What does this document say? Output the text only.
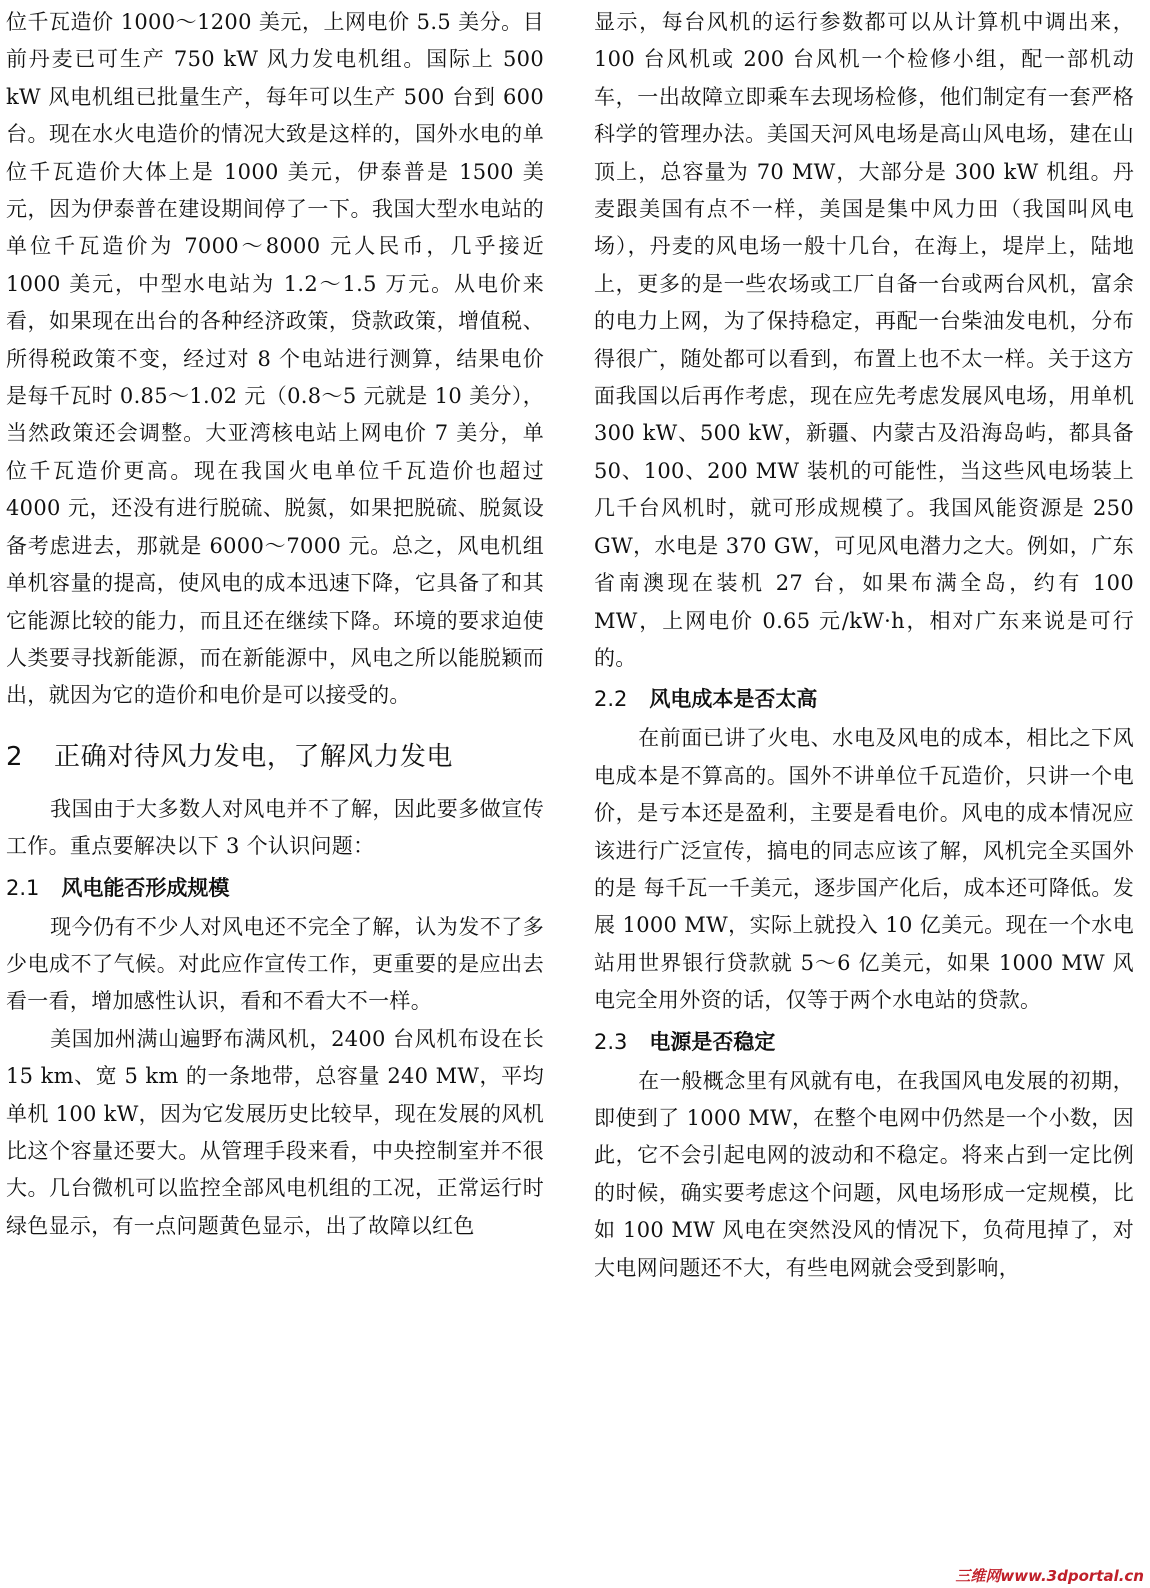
位千瓦造价 1000～1200 美元，上网电价 5.5 美分。目前丹麦已可生产 750 kW 风力发电机组。国际上 500 kW 风电机组已批量生产，每年可以生产 500 台到 600 台。现在水火电造价的情况大致是这样的，国外水电的单位千瓦造价大体上是 1000 美元，伊泰普是 1500 美元，因为伊泰普在建设期间停了一下。我国大型水电站的单位千瓦造价为 7000～8000 元人民币，几乎接近 1000 美元，中型水电站为 1.2～1.5 万元。从电价来看，如果现在出台的各种经济政策，贷款政策，增值税、所得税政策不变，经过对 8 个电站进行测算，结果电价是每千瓦时 0.85～1.02 元（0.8～5 元就是 10 美分），当然政策还会调整。大亚湾核电站上网电价 7 美分，单位千瓦造价更高。现在我国火电单位千瓦造价也超过 4000 元，还没有进行脱硫、脱氮，如果把脱硫、脱氮设备考虑进去，那就是 6000～7000 元。总之，风电机组单机容量的提高，使风电的成本迅速下降，它具备了和其它能源比较的能力，而且还在继续下降。环境的要求迫使人类要寻找新能源，而在新能源中，风电之所以能脱颖而出，就因为它的造价和电价是可以接受的。

2 正确对待风力发电，了解风力发电

我国由于大多数人对风电并不了解，因此要多做宣传工作。重点要解决以下 3 个认识问题：

2.1 风电能否形成规模

现今仍有不少人对风电还不完全了解，认为发不了多少电成不了气候。对此应作宣传工作，更重要的是应出去看一看，增加感性认识，看和不看大不一样。

美国加州满山遍野布满风机，2400 台风机布设在长 15 km、宽 5 km 的一条地带，总容量 240 MW，平均单机 100 kW，因为它发展历史比较早，现在发展的风机比这个容量还要大。从管理手段来看，中央控制室并不很大。几台微机可以监控全部风电机组的工况，正常运行时绿色显示，有一点问题黄色显示，出了故障以红色

显示，每台风机的运行参数都可以从计算机中调出来，100 台风机或 200 台风机一个检修小组，配一部机动车，一出故障立即乘车去现场检修，他们制定有一套严格科学的管理办法。美国天河风电场是高山风电场，建在山顶上，总容量为 70 MW，大部分是 300 kW 机组。丹麦跟美国有点不一样，美国是集中风力田（我国叫风电场），丹麦的风电场一般十几台，在海上，堤岸上，陆地上，更多的是一些农场或工厂自备一台或两台风机，富余的电力上网，为了保持稳定，再配一台柴油发电机，分布得很广，随处都可以看到，布置上也不太一样。关于这方面我国以后再作考虑，现在应先考虑发展风电场，用单机 300 kW、500 kW，新疆、内蒙古及沿海岛屿，都具备 50、100、200 MW 装机的可能性，当这些风电场装上几千台风机时，就可形成规模了。我国风能资源是 250 GW，水电是 370 GW，可见风电潜力之大。例如，广东省南澳现在装机 27 台，如果布满全岛，约有 100 MW，上网电价 0.65 元/kW·h，相对广东来说是可行的。

2.2 风电成本是否太高

在前面已讲了火电、水电及风电的成本，相比之下风电成本是不算高的。国外不讲单位千瓦造价，只讲一个电价，是亏本还是盈利，主要是看电价。风电的成本情况应该进行广泛宣传，搞电的同志应该了解，风机完全买国外的是 每千瓦一千美元，逐步国产化后，成本还可降低。发展 1000 MW，实际上就投入 10 亿美元。现在一个水电站用世界银行贷款就 5～6 亿美元，如果 1000 MW 风电完全用外资的话，仅等于两个水电站的贷款。

2.3 电源是否稳定

在一般概念里有风就有电，在我国风电发展的初期，即使到了 1000 MW，在整个电网中仍然是一个小数，因此，它不会引起电网的波动和不稳定。将来占到一定比例的时候，确实要考虑这个问题，风电场形成一定规模，比如 100 MW 风电在突然没风的情况下，负荷甩掉了，对大电网问题还不大，有些电网就会受到影响，

三维网www.3dportal.cn
